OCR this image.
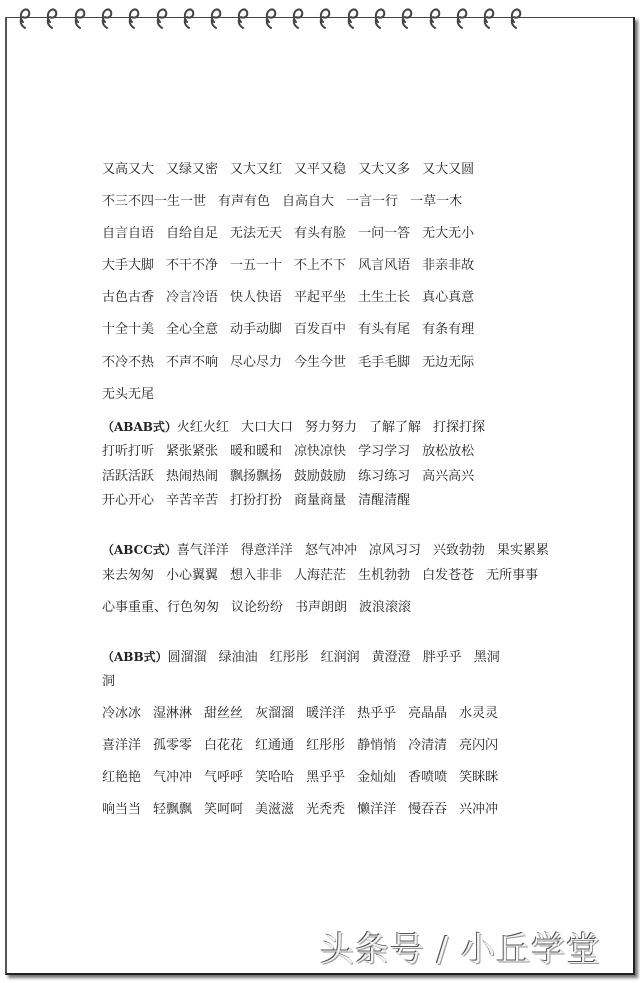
又高又大 又绿又密 又大又红 又平又稳 又大又多 又大又圆
不三不四一生一世 有声有色 自高自大 一言一行 一草一木
自言自语 自给自足 无法无天 有头有脸 一问一答 无大无小
大手大脚 不干不净 一五一十 不上不下 风言风语 非亲非故
古色古香 冷言冷语 快人快语 平起平坐 土生土长 真心真意
十全十美 全心全意 动手动脚 百发百中 有头有尾 有条有理
不冷不热 不声不响 尽心尽力 今生今世 毛手毛脚 无边无际
无头无尾
（ABAB式）火红火红 大口大口 努力努力 了解了解 打探打探
打听打听 紧张紧张 暖和暖和 凉快凉快 学习学习 放松放松
活跃活跃 热闹热闹 飘扬飘扬 鼓励鼓励 练习练习 高兴高兴
开心开心 辛苦辛苦 打扮打扮 商量商量 清醒清醒
（ABCC式）喜气洋洋 得意洋洋 怒气冲冲 凉风习习 兴致勃勃 果实累累
来去匆匆 小心翼翼 想入非非 人海茫茫 生机勃勃 白发苍苍 无所事事
心事重重、行色匆匆 议论纷纷 书声朗朗 波浪滚滚
（ABB式）圆溜溜 绿油油 红彤彤 红润润 黄澄澄 胖乎乎 黑洞
洞
冷冰冰 湿淋淋 甜丝丝 灰溜溜 暖洋洋 热乎乎 亮晶晶 水灵灵
喜洋洋 孤零零 白花花 红通通 红彤彤 静悄悄 冷清清 亮闪闪
红艳艳 气冲冲 气呼呼 笑哈哈 黑乎乎 金灿灿 香喷喷 笑眯眯
响当当 轻飘飘 笑呵呵 美滋滋 光秃秃 懒洋洋 慢吞吞 兴冲冲
头条号 / 小丘学堂
